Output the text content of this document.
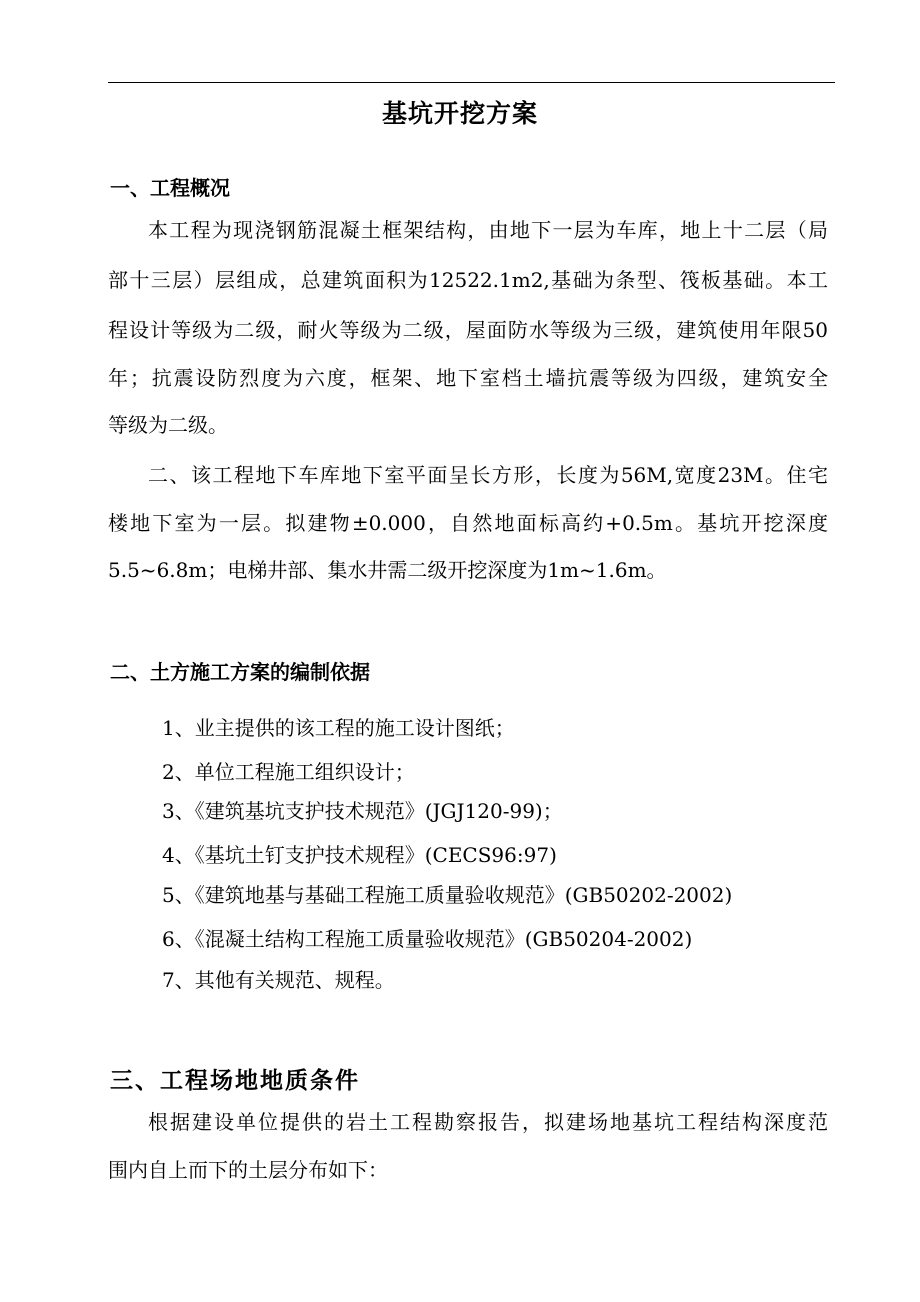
基坑开挖方案
一、工程概况
本工程为现浇钢筋混凝土框架结构，由地下一层为车库，地上十二层（局
部十三层）层组成，总建筑面积为12522.1m2,基础为条型、筏板基础。本工
程设计等级为二级，耐火等级为二级，屋面防水等级为三级，建筑使用年限50
年；抗震设防烈度为六度，框架、地下室档土墙抗震等级为四级，建筑安全
等级为二级。
二、该工程地下车库地下室平面呈长方形，长度为56M,宽度23M。住宅
楼地下室为一层。拟建物±0.000，自然地面标高约+0.5m。基坑开挖深度
5.5~6.8m；电梯井部、集水井需二级开挖深度为1m~1.6m。
二、土方施工方案的编制依据
1、业主提供的该工程的施工设计图纸；
2、单位工程施工组织设计；
3、《建筑基坑支护技术规范》(JGJ120-99)；
4、《基坑土钉支护技术规程》(CECS96:97)
5、《建筑地基与基础工程施工质量验收规范》(GB50202-2002)
6、《混凝土结构工程施工质量验收规范》(GB50204-2002)
7、其他有关规范、规程。
三、工程场地地质条件
根据建设单位提供的岩土工程勘察报告，拟建场地基坑工程结构深度范
围内自上而下的土层分布如下：
